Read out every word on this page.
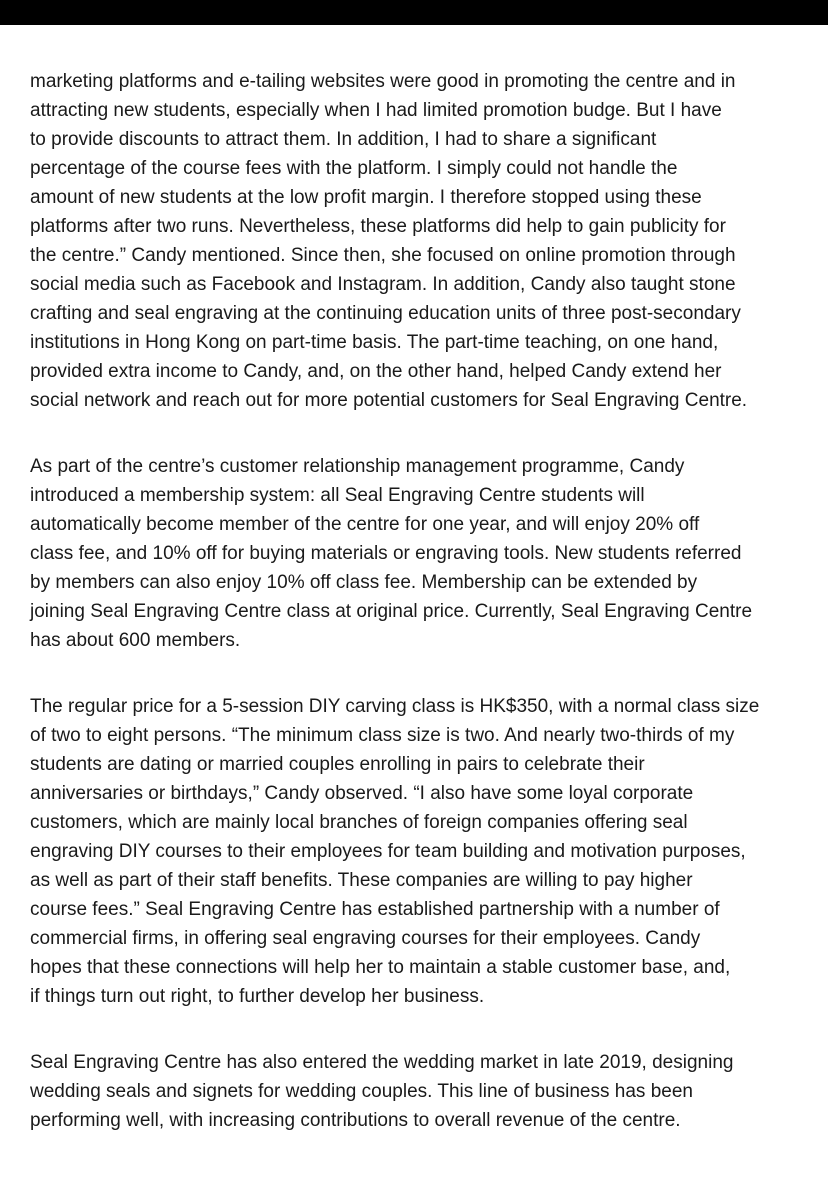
marketing platforms and e-tailing websites were good in promoting the centre and in
attracting new students, especially when I had limited promotion budge. But I have
to provide discounts to attract them. In addition, I had to share a significant
percentage of the course fees with the platform. I simply could not handle the
amount of new students at the low profit margin. I therefore stopped using these
platforms after two runs. Nevertheless, these platforms did help to gain publicity for
the centre.” Candy mentioned. Since then, she focused on online promotion through
social media such as Facebook and Instagram. In addition, Candy also taught stone
crafting and seal engraving at the continuing education units of three post-secondary
institutions in Hong Kong on part-time basis. The part-time teaching, on one hand,
provided extra income to Candy, and, on the other hand, helped Candy extend her
social network and reach out for more potential customers for Seal Engraving Centre.

As part of the centre’s customer relationship management programme, Candy
introduced a membership system: all Seal Engraving Centre students will
automatically become member of the centre for one year, and will enjoy 20% off
class fee, and 10% off for buying materials or engraving tools. New students referred
by members can also enjoy 10% off class fee. Membership can be extended by
joining Seal Engraving Centre class at original price. Currently, Seal Engraving Centre
has about 600 members.

The regular price for a 5-session DIY carving class is HK$350, with a normal class size
of two to eight persons. “The minimum class size is two. And nearly two-thirds of my
students are dating or married couples enrolling in pairs to celebrate their
anniversaries or birthdays,” Candy observed. “I also have some loyal corporate
customers, which are mainly local branches of foreign companies offering seal
engraving DIY courses to their employees for team building and motivation purposes,
as well as part of their staff benefits. These companies are willing to pay higher
course fees.” Seal Engraving Centre has established partnership with a number of
commercial firms, in offering seal engraving courses for their employees. Candy
hopes that these connections will help her to maintain a stable customer base, and,
if things turn out right, to further develop her business.

Seal Engraving Centre has also entered the wedding market in late 2019, designing
wedding seals and signets for wedding couples. This line of business has been
performing well, with increasing contributions to overall revenue of the centre.
